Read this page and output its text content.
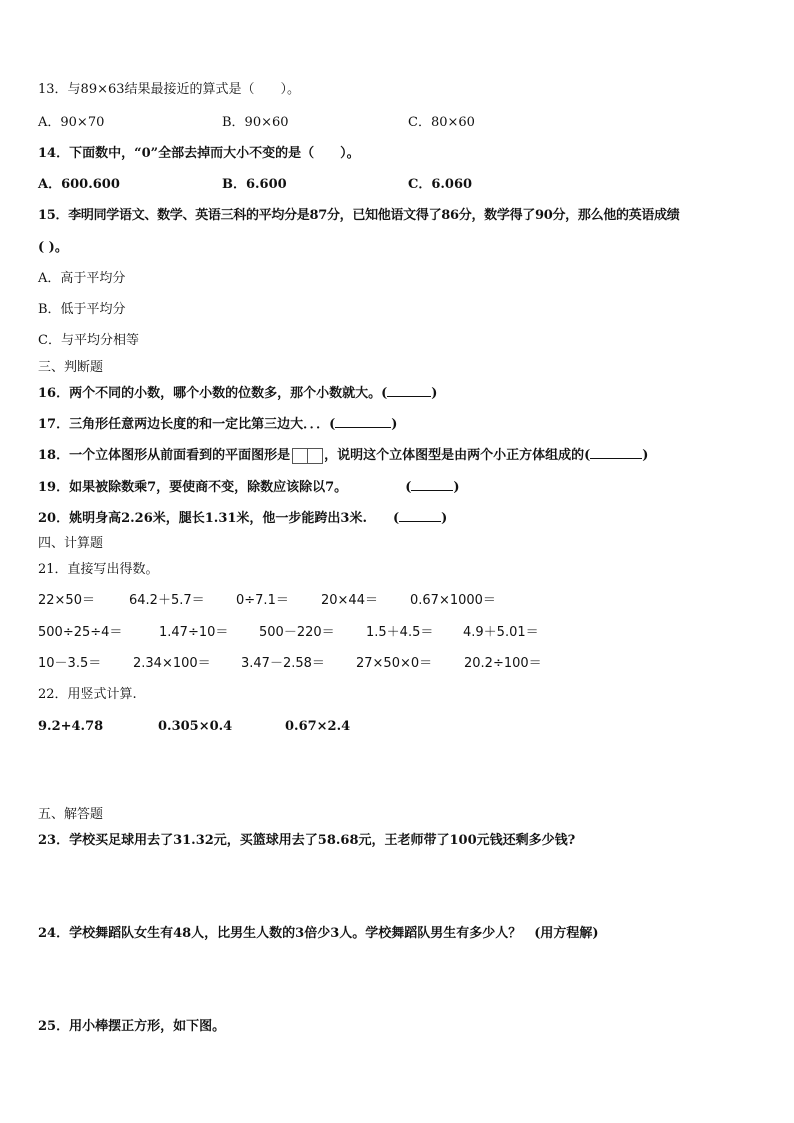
13．与89×63结果最接近的算式是（　　）。
A．90×70	B．90×60	C．80×60
14．下面数中，“0”全部去掉而大小不变的是（　　）。
A．600.600	B．6.600	C．6.060
15．李明同学语文、数学、英语三科的平均分是87分，已知他语文得了86分，数学得了90分，那么他的英语成绩
( )。
A．高于平均分
B．低于平均分
C．与平均分相等
三、判断题
16．两个不同的小数，哪个小数的位数多，那个小数就大。(	)
17．三角形任意两边长度的和一定比第三边大．．．(	)
18．一个立体图形从前面看到的平面图形是	，说明这个立体图型是由两个小正方体组成的(	)
19．如果被除数乘7，要使商不变，除数应该除以7。	(	)
20．姚明身高2.26米，腿长1.31米，他一步能跨出3米. (	)
四、计算题
21．直接写出得数。
22×50＝	64.2＋5.7＝ 0÷7.1＝ 20×44＝ 0.67×1000＝
500÷25÷4＝	1.47÷10＝ 500－220＝ 1.5＋4.5＝ 4.9＋5.01＝
10－3.5＝ 2.34×100＝ 3.47－2.58＝ 27×50×0＝ 20.2÷100＝
22．用竖式计算.
9.2+4.78	0.305×0.4	0.67×2.4
五、解答题
23．学校买足球用去了31.32元，买篮球用去了58.68元，王老师带了100元钱还剩多少钱?
24．学校舞蹈队女生有48人，比男生人数的3倍少3人。学校舞蹈队男生有多少人？　(用方程解)
25．用小棒摆正方形，如下图。
